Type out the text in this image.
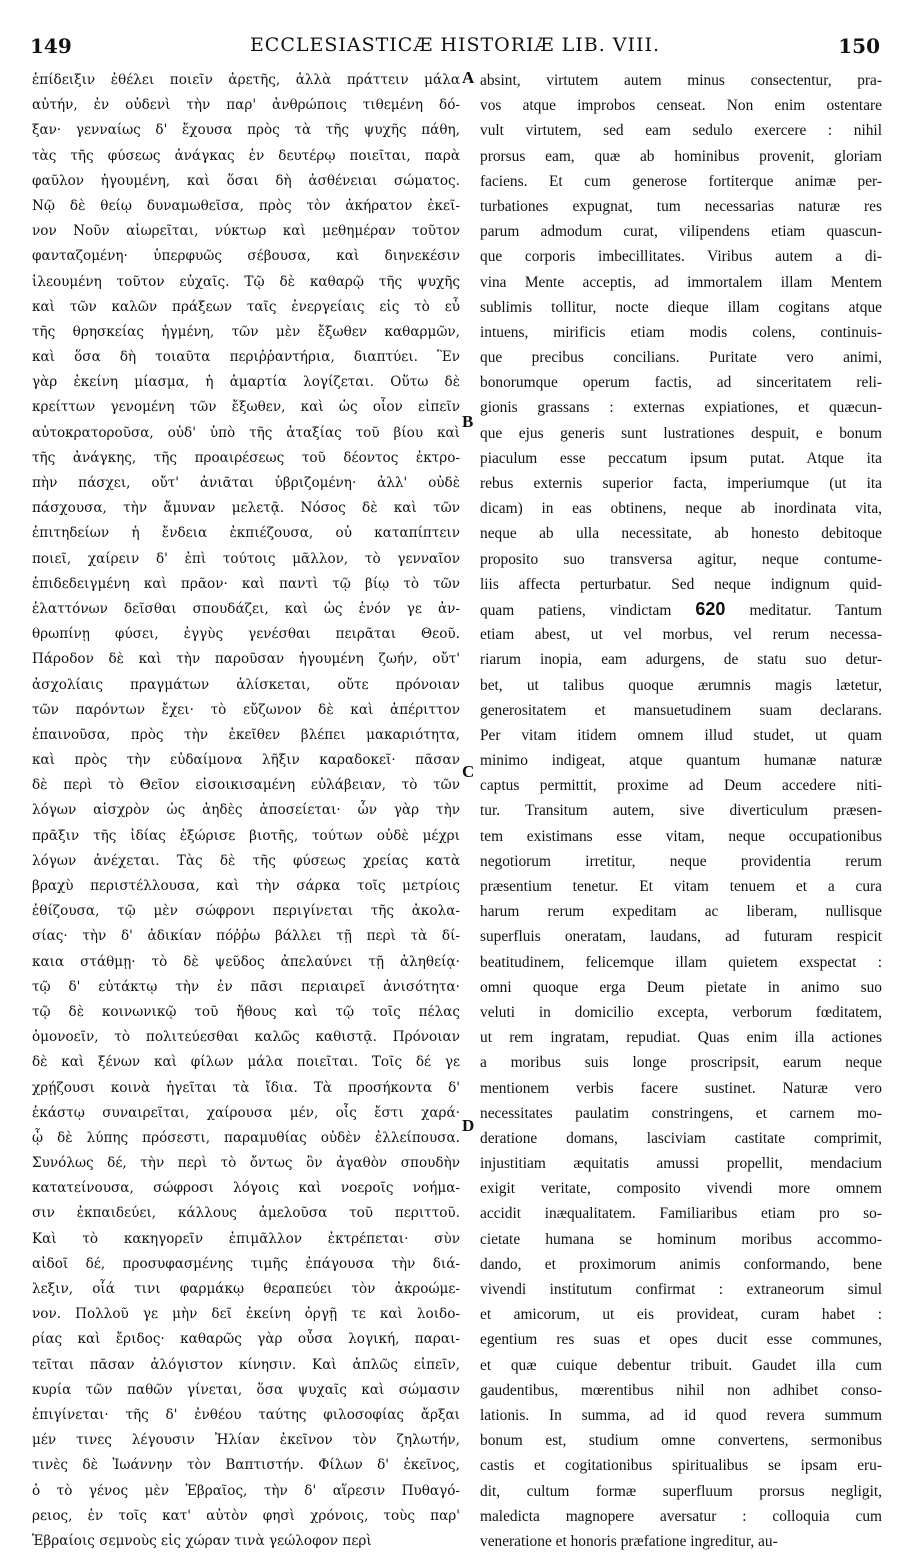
149	ECCLESIASTICÆ HISTORIÆ LIB. VIII.	150
ἐπίδειξιν ἐθέλει ποιεῖν ἀρετῆς, ἀλλὰ πράττειν μάλα
αὐτήν, ἐν οὐδενὶ τὴν παρ' ἀνθρώποις τιθεμένη δό-
ξαν· γενναίως δ' ἔχουσα πρὸς τὰ τῆς ψυχῆς πάθη,
τὰς τῆς φύσεως ἀνάγκας ἐν δευτέρῳ ποιεῖται, παρὰ
φαῦλον ἡγουμένη, καὶ ὅσαι δὴ ἀσθένειαι σώματος.
Νῷ δὲ θείῳ δυναμωθεῖσα, πρὸς τὸν ἀκήρατον ἐκεῖ-
νον Νοῦν αἰωρεῖται, νύκτωρ καὶ μεθημέραν τοῦτον
φανταζομένη· ὑπερφυῶς σέβουσα, καὶ διηνεκέσιν
ἱλεουμένη τοῦτον εὐχαῖς. Τῷ δὲ καθαρῷ τῆς ψυχῆς
καὶ τῶν καλῶν πράξεων ταῖς ἐνεργείαις εἰς τὸ εὖ
τῆς θρησκείας ἡγμένη, τῶν μὲν ἔξωθεν καθαρμῶν,
καὶ ὅσα δὴ τοιαῦτα περιῤῥαντήρια, διαπτύει. Ἓν
γὰρ ἐκείνη μίασμα, ἡ ἁμαρτία λογίζεται. Οὕτω δὲ
κρείττων γενομένη τῶν ἔξωθεν, καὶ ὡς οἷον εἰπεῖν
αὐτοκρατοροῦσα, οὐδ' ὑπὸ τῆς ἀταξίας τοῦ βίου καὶ
τῆς ἀνάγκης, τῆς προαιρέσεως τοῦ δέοντος ἐκτρο-
πὴν πάσχει, οὔτ' ἀνιᾶται ὑβριζομένη· ἀλλ' οὐδὲ
πάσχουσα, τὴν ἄμυναν μελετᾷ. Νόσος δὲ καὶ τῶν
ἐπιτηδείων ἡ ἔνδεια ἐκπιέζουσα, οὐ καταπίπτειν
ποιεῖ, χαίρειν δ' ἐπὶ τούτοις μᾶλλον, τὸ γενναῖον
ἐπιδεδειγμένη καὶ πρᾶον· καὶ παντὶ τῷ βίῳ τὸ τῶν
ἐλαττόνων δεῖσθαι σπουδάζει, καὶ ὡς ἐνόν γε ἀν-
θρωπίνῃ φύσει, ἐγγὺς γενέσθαι πειρᾶται Θεοῦ.
Πάροδον δὲ καὶ τὴν παροῦσαν ἡγουμένη ζωήν, οὔτ'
ἀσχολίαις πραγμάτων ἁλίσκεται, οὔτε πρόνοιαν
τῶν παρόντων ἔχει· τὸ εὔζωνον δὲ καὶ ἀπέριττον
ἐπαινοῦσα, πρὸς τὴν ἐκεῖθεν βλέπει μακαριότητα,
καὶ πρὸς τὴν εὐδαίμονα λῆξιν καραδοκεῖ· πᾶσαν
δὲ περὶ τὸ Θεῖον εἰσοικισαμένη εὐλάβειαν, τὸ τῶν
λόγων αἰσχρὸν ὡς ἀηδὲς ἀποσείεται· ὧν γὰρ τὴν
πρᾶξιν τῆς ἰδίας ἐξώρισε βιοτῆς, τούτων οὐδὲ μέχρι
λόγων ἀνέχεται. Τὰς δὲ τῆς φύσεως χρείας κατὰ
βραχὺ περιστέλλουσα, καὶ τὴν σάρκα τοῖς μετρίοις
ἐθίζουσα, τῷ μὲν σώφρονι περιγίνεται τῆς ἀκολα-
σίας· τὴν δ' ἀδικίαν πόῤῥω βάλλει τῇ περὶ τὰ δί-
καια στάθμῃ· τὸ δὲ ψεῦδος ἀπελαύνει τῇ ἀληθείᾳ·
τῷ δ' εὐτάκτῳ τὴν ἐν πᾶσι περιαιρεῖ ἀνισότητα·
τῷ δὲ κοινωνικῷ τοῦ ἤθους καὶ τῷ τοῖς πέλας
ὁμονοεῖν, τὸ πολιτεύεσθαι καλῶς καθιστᾷ. Πρόνοιαν
δὲ καὶ ξένων καὶ φίλων μάλα ποιεῖται. Τοῖς δέ γε
χρῄζουσι κοινὰ ἡγεῖται τὰ ἴδια. Τὰ προσήκοντα δ'
ἑκάστῳ συναιρεῖται, χαίρουσα μέν, οἷς ἔστι χαρά·
ᾧ δὲ λύπης πρόσεστι, παραμυθίας οὐδὲν ἐλλείπουσα.
Συνόλως δέ, τὴν περὶ τὸ ὄντως ὂν ἀγαθὸν σπουδὴν
κατατείνουσα, σώφροσι λόγοις καὶ νοεροῖς νοήμα-
σιν ἐκπαιδεύει, κάλλους ἀμελοῦσα τοῦ περιττοῦ.
Καὶ τὸ κακηγορεῖν ἐπιμᾶλλον ἐκτρέπεται· σὺν
αἰδοῖ δέ, προσυφασμένης τιμῆς ἐπάγουσα τὴν διά-
λεξιν, οἷά τινι φαρμάκῳ θεραπεύει τὸν ἀκροώμε-
νον. Πολλοῦ γε μὴν δεῖ ἐκείνη ὀργῇ τε καὶ λοιδο-
ρίας καὶ ἔριδος· καθαρῶς γὰρ οὖσα λογική, παραι-
τεῖται πᾶσαν ἀλόγιστον κίνησιν. Καὶ ἁπλῶς εἰπεῖν,
κυρία τῶν παθῶν γίνεται, ὅσα ψυχαῖς καὶ σώμασιν
ἐπιγίνεται· τῆς δ' ἐνθέου ταύτης φιλοσοφίας ἄρξαι
μέν τινες λέγουσιν Ἠλίαν ἐκεῖνον τὸν ζηλωτήν,
τινὲς δὲ Ἰωάννην τὸν Βαπτιστήν. Φίλων δ' ἐκεῖνος,
ὁ τὸ γένος μὲν Ἑβραῖος, τὴν δ' αἵρεσιν Πυθαγό-
ρειος, ἐν τοῖς κατ' αὐτὸν φησὶ χρόνοις, τοὺς παρ'
Ἑβραίοις σεμνοὺς εἰς χώραν τινὰ γεώλοφον περὶ
A
B
C
D
absint, virtutem autem minus consectentur, pra-
vos atque improbos censeat. Non enim ostentare
vult virtutem, sed eam sedulo exercere : nihil
prorsus eam, quæ ab hominibus provenit, gloriam
faciens. Et cum generose fortiterque animæ per-
turbationes expugnat, tum necessarias naturæ res
parum admodum curat, vilipendens etiam quascun-
que corporis imbecillitates. Viribus autem a di-
vina Mente acceptis, ad immortalem illam Mentem
sublimis tollitur, nocte dieque illam cogitans atque
intuens, mirificis etiam modis colens, continuis-
que precibus concilians. Puritate vero animi,
bonorumque operum factis, ad sinceritatem reli-
gionis grassans : externas expiationes, et quæcun-
que ejus generis sunt lustrationes despuit, e bonum
piaculum esse peccatum ipsum putat. Atque ita
rebus externis superior facta, imperiumque (ut ita
dicam) in eas obtinens, neque ab inordinata vita,
neque ab ulla necessitate, ab honesto debitoque
proposito suo transversa agitur, neque contume-
liis affecta perturbatur. Sed neque indignum quid-
quam patiens, vindictam 620 meditatur. Tantum
etiam abest, ut vel morbus, vel rerum necessa-
riarum inopia, eam adurgens, de statu suo detur-
bet, ut talibus quoque ærumnis magis lætetur,
generositatem et mansuetudinem suam declarans.
Per vitam itidem omnem illud studet, ut quam
minimo indigeat, atque quantum humanæ naturæ
captus permittit, proxime ad Deum accedere niti-
tur. Transitum autem, sive diverticulum præsen-
tem existimans esse vitam, neque occupationibus
negotiorum irretitur, neque providentia rerum
præsentium tenetur. Et vitam tenuem et a cura
harum rerum expeditam ac liberam, nullisque
superfluis oneratam, laudans, ad futuram respicit
beatitudinem, felicemque illam quietem exspectat :
omni quoque erga Deum pietate in animo suo
veluti in domicilio excepta, verborum fœditatem,
ut rem ingratam, repudiat. Quas enim illa actiones
a moribus suis longe proscripsit, earum neque
mentionem verbis facere sustinet. Naturæ vero
necessitates paulatim constringens, et carnem mo-
deratione domans, lasciviam castitate comprimit,
injustitiam æquitatis amussi propellit, mendacium
exigit veritate, composito vivendi more omnem
accidit inæqualitatem. Familiaribus etiam pro so-
cietate humana se hominum moribus accommo-
dando, et proximorum animis conformando, bene
vivendi institutum confirmat : extraneorum simul
et amicorum, ut eis provideat, curam habet :
egentium res suas et opes ducit esse communes,
et quæ cuique debentur tribuit. Gaudet illa cum
gaudentibus, mœrentibus nihil non adhibet conso-
lationis. In summa, ad id quod revera summum
bonum est, studium omne convertens, sermonibus
castis et cogitationibus spiritualibus se ipsam eru-
dit, cultum formæ superfluum prorsus negligit,
maledicta magnopere aversatur : colloquia cum
veneratione et honoris præfatione ingreditur, au-
